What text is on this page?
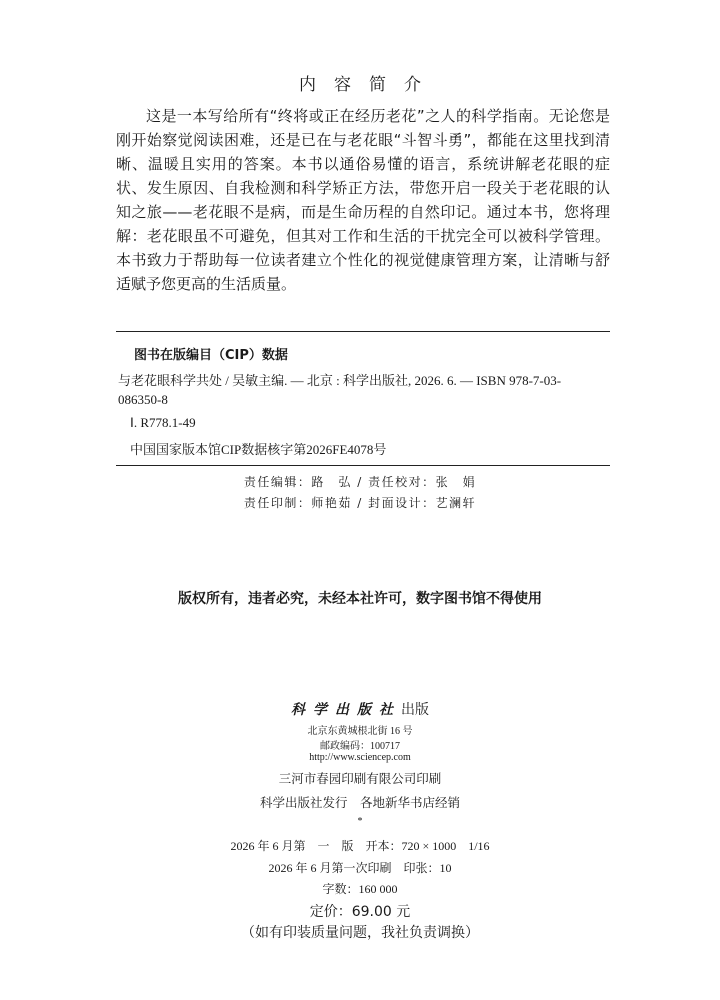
内容简介

这是一本写给所有“终将或正在经历老花”之人的科学指南。无论您是刚开始察觉阅读困难，还是已在与老花眼“斗智斗勇”，都能在这里找到清晰、温暖且实用的答案。本书以通俗易懂的语言，系统讲解老花眼的症状、发生原因、自我检测和科学矫正方法，带您开启一段关于老花眼的认知之旅——老花眼不是病，而是生命历程的自然印记。通过本书，您将理解：老花眼虽不可避免，但其对工作和生活的干扰完全可以被科学管理。本书致力于帮助每一位读者建立个性化的视觉健康管理方案，让清晰与舒适赋予您更高的生活质量。

图书在版编目（CIP）数据
与老花眼科学共处 / 吴敏主编. — 北京 : 科学出版社, 2026. 6. — ISBN 978-7-03-
086350-8
Ⅰ. R778.1-49
中国国家版本馆CIP数据核字第2026FE4078号
责任编辑：路　弘 / 责任校对：张　娟
责任印制：师艳茹 / 封面设计：艺澜轩
版权所有，违者必究，未经本社许可，数字图书馆不得使用
科学出版社出版
北京东黄城根北街 16 号
邮政编码：100717
http://www.sciencep.com
三河市春园印刷有限公司印刷
科学出版社发行　各地新华书店经销
*
2026 年 6 月第　一　版　开本：720 × 1000　1/16
2026 年 6 月第一次印刷　印张：10
字数：160 000
定价：69.00 元
（如有印装质量问题，我社负责调换）
